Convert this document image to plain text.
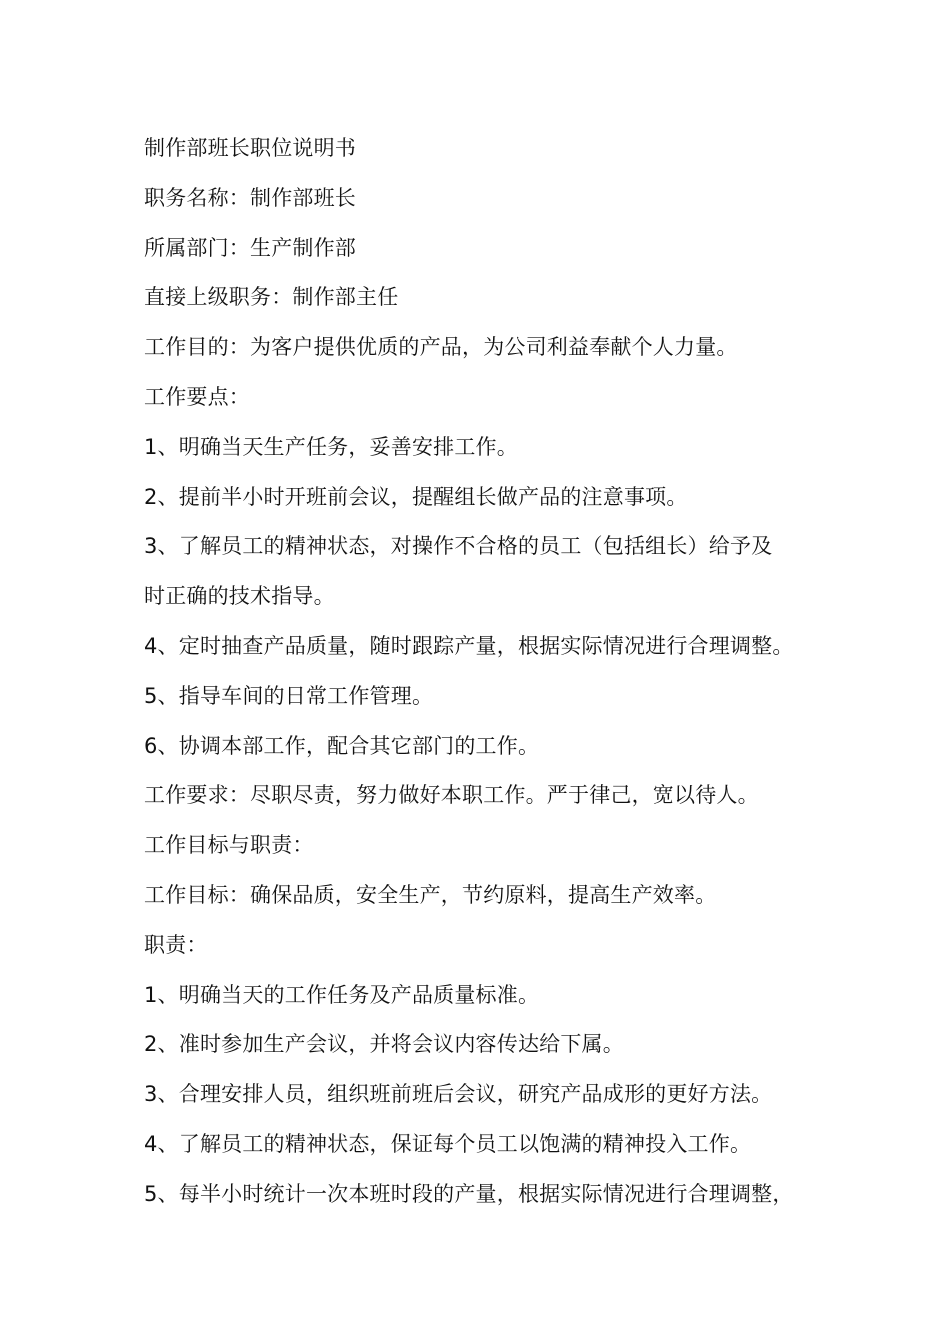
制作部班长职位说明书
职务名称：制作部班长
所属部门：生产制作部
直接上级职务：制作部主任
工作目的：为客户提供优质的产品，为公司利益奉献个人力量。
工作要点：
1、明确当天生产任务，妥善安排工作。
2、提前半小时开班前会议，提醒组长做产品的注意事项。
3、了解员工的精神状态，对操作不合格的员工（包括组长）给予及
时正确的技术指导。
4、定时抽查产品质量，随时跟踪产量，根据实际情况进行合理调整。
5、指导车间的日常工作管理。
6、协调本部工作，配合其它部门的工作。
工作要求：尽职尽责，努力做好本职工作。严于律己，宽以待人。
工作目标与职责：
工作目标：确保品质，安全生产，节约原料，提高生产效率。
职责：
1、明确当天的工作任务及产品质量标准。
2、准时参加生产会议，并将会议内容传达给下属。
3、合理安排人员，组织班前班后会议，研究产品成形的更好方法。
4、了解员工的精神状态，保证每个员工以饱满的精神投入工作。
5、每半小时统计一次本班时段的产量，根据实际情况进行合理调整，
